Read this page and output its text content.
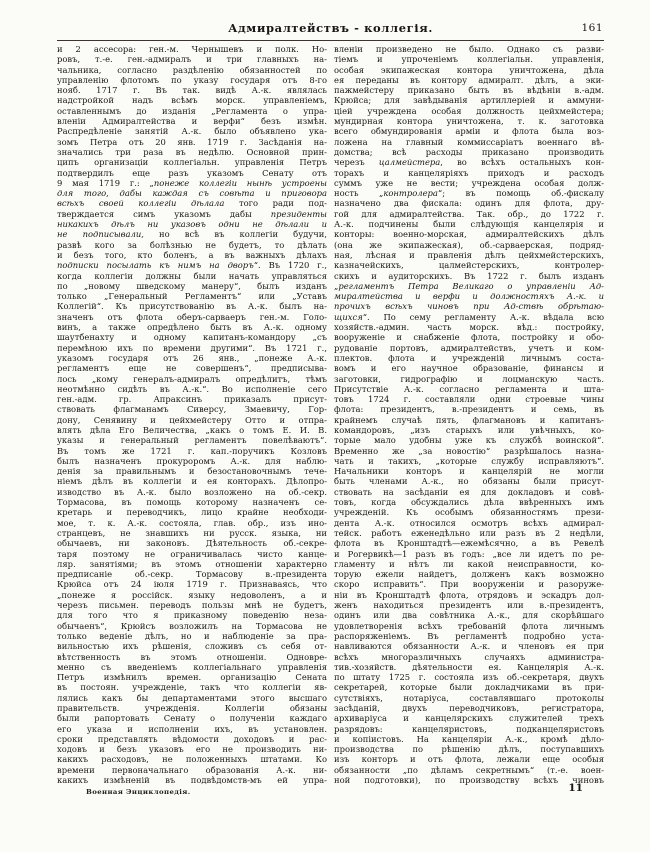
Адмиралтействъ - коллегія.	161
и 2 ассесора: ген.-м. Чернышевъ и полк. Но-
ровъ, т.-е. ген.-адмиралъ и три главныхъ на-
чальника, согласно раздѣленію обязанностей по
управленію флотомъ по указу государя отъ 8-го
нояб. 1717 г. Въ так. видѣ А.-к. являлась
надстройкой надъ всѣмъ морск. управленіемъ,
оставленнымъ до изданія „Регламента о упра-
вленіи Адмиралтейства и верфи“ безъ измѣн.
Распредѣленіе занятій А.-к. было объявлено ука-
зомъ Петра отъ 20 янв. 1719 г. Засѣданія на-
значались три раза въ недѣлю. Основной прин-
ципъ организаціи коллегіальн. управленія Петръ
подтвердилъ еще разъ указомъ Сенату отъ
9 мая 1719 г.: „понеже коллегіи нынѣ устроены
для того, дабы каждая съ совѣта и приговора
всѣхъ своей коллегіи дѣлала того ради под-
тверждается симъ указомъ дабы президенты
никакихъ дѣлъ ни указовъ одни не дѣлали и
не подписывали, но всѣ въ коллегіи будучи,
развѣ кого за болѣзнью не будетъ, то дѣлать
и безъ того, кто боленъ, а въ важныхъ дѣлахъ
подписки посылать къ нимъ на дворъ“. Въ 1720 г.,
когда коллегіи должны были начать управляться
по „новому шведскому манеру“, былъ изданъ
только „Генеральный Регламентъ“ или „Уставъ
Коллегій“. Къ присутствованію въ А.-к. былъ на-
значенъ отъ флота оберъ-сарваеръ ген.-м. Голо-
винъ, а также опредѣлено быть въ А.-к. одному
шаутбенахту и одному капитанъ-командору „съ
перемѣною ихъ по времени другими“. Въ 1721 г.,
указомъ государя отъ 26 янв., „понеже А.-к.
регламентъ еще не совершенъ“, предписыва-
лось „кому генералъ-адмиралъ опредѣлитъ, тѣмъ
неотмѣнно сидѣть въ А.-к.“. Во исполненіе сего
ген.-адм. гр. Апраксинъ приказалъ присут-
ствовать флагманамъ Сиверсу, Змаевичу, Гор-
дону, Сенявину и цейхмейстеру Отто и отпра-
влять дѣла Его Величества, „какъ о томъ Е. И. В.
указы и генеральный регламентъ повелѣваютъ“.
Въ томъ же 1721 г. кап.-поручикъ Козловъ
былъ назначенъ прокуроромъ А.-к. для наблю-
денія за правильнымъ и безостановочнымъ тече-
ніемъ дѣлъ въ коллегіи и ея конторахъ. Дѣлопро-
изводство въ А.-к. было возложено на об.-секр.
Тормасова, въ помощь которому назначенъ се-
кретарь и переводчикъ, лицо крайне необходи-
мое, т. к. А.-к. состояла, глав. обр., изъ ино-
странцевъ, не знавшихъ ни русск. языка, ни
обычаевъ, ни законовъ. Дѣятельность об.-секре-
таря поэтому не ограничивалась чисто канце-
ляр. занятіями; въ этомъ отношеніи характерно
предписаніе об.-секр. Тормасову в.-президента
Крюйса отъ 24 іюля 1719 г. Признаваясь, что
„понеже я россійск. языку недоволенъ, а и
черезъ письмен. переводъ пользы мнѣ не будетъ,
для того что я приказному поведенію неза-
обычаенъ“, Крюйсъ возложилъ на Тормасова не
только веденіе дѣлъ, но и наблюденіе за пра-
вильностью ихъ рѣшенія, сложивъ съ себя от-
вѣтственность въ этомъ отношеніи. Одновре-
менно съ введеніемъ коллегіальнаго управленія
Петръ измѣнилъ времен. организацію Сената
въ постоян. учрежденіе, такъ что коллегіи яв-
лялись какъ бы департаментами этого высшаго
правительств. учрежденія. Коллегіи обязаны
были рапортовать Сенату о полученіи каждаго
его указа и исполненіи ихъ, въ установлен.
сроки представлять вѣдомости доходовъ и рас-
ходовъ и безъ указовъ его не производить ни-
какихъ расходовъ, не положенныхъ штатами. Ко
времени первоначальнаго образованія А.-к. ни-
какихъ измѣненій въ подвѣдомств-мъ ей упра-
вленіи произведено не было. Однако съ разви-
тіемъ и упроченіемъ коллегіальн. управленія,
особая экипажеская контора уничтожена, дѣла
ея переданы въ контору адмиралт. дѣлъ, а эки-
пажмейстеру приказано быть въ вѣдѣніи в.-адм.
Крюйса; для завѣдыванія артиллеріей и аммуни-
ціей учреждена особая должность цейхмейстера;
мундирная контора уничтожена, т. к. заготовка
всего обмундированія арміи и флота была воз-
ложена на главный коммиссаріатъ военнаго вѣ-
домства; всѣ расходы приказано производить
черезъ цалмейстера, во всѣхъ остальныхъ кон-
торахъ и канцеляріяхъ приходъ и расходъ
суммъ уже не вести; учреждена особая долж-
ность „контролера“; въ помощь об.-фискалу
назначено два фискала: одинъ для флота, дру-
гой для адмиралтейства. Так. обр., до 1722 г.
А.-к. подчинены были слѣдующія канцелярія и
конторы: военно-морская, адмиралтейскихъ дѣлъ
(она же экипажеская), об.-сарваерская, подряд-
ная, лѣсная и правленія дѣлъ цейхмейстерскихъ,
казначейскихъ, цалмейстерскихъ, контролер-
скихъ и аудиторскихъ. Въ 1722 г. былъ изданъ
„регламентъ Петра Великаго о управленіи Ад-
миралтейства и верфи и должностяхъ А.-к. и
прочихъ всѣхъ чиновъ при Ад-ствѣ обрѣтаю-
щихся“. По сему регламенту А.-к. вѣдала всю
хозяйств.-админ. часть морск. вѣд.: постройку,
вооруженіе и снабженіе флота, постройку и обо-
рудованіе портовъ, адмиралтействъ, учетъ и ком-
плектов. флота и учрежденій личнымъ соста-
вомъ и его научное образованіе, финансы и
заготовки, гидрографію и лоцманскую часть.
Присутствіе А.-к. согласно регламента и шта-
товъ 1724 г. составляли одни строевые чины
флота: президентъ, в.-президентъ и семь, въ
крайнемъ случаѣ пять, флагмановъ и капитанъ-
командоровъ, „изъ старыхъ или увѣчныхъ, ко-
торые мало удобны уже къ службѣ воинской“.
Временно же „за новостію“ разрѣшалось назна-
чать и такихъ, „которые службу исправляютъ“.
Начальники конторъ и канцелярій не могли
быть членами А.-к., но обязаны были присут-
ствовать на засѣданіи ея для докладовъ и совѣ-
товъ, когда обсуждались дѣла ввѣренныхъ имъ
учрежденій. Къ особымъ обязанностямъ прези-
дента А.-к. относился осмотръ всѣхъ адмирал-
тейск. работъ еженедѣльно или разъ въ 2 недѣли,
флота въ Кронштадтѣ—ежемѣсячно, а въ Ревелѣ
и Рогервикѣ—1 разъ въ годъ: „все ли идетъ по ре-
гламенту и нѣтъ ли какой неисправности, ко-
торую ежели найдетъ, долженъ какъ возможно
скоро исправить“. При вооруженіи и разоруже-
ніи въ Кронштадтѣ флота, отрядовъ и эскадръ дол-
женъ находиться президентъ или в.-президентъ,
одинъ или два совѣтника А.-к., для скорѣйшаго
удовлетворенія всѣхъ требованій флота личнымъ
распоряженіемъ. Въ регламентѣ подробно уста-
навливаются обязанности А.-к. и членовъ ея при
всѣхъ многоразличныхъ случаяхъ администра-
тив.-хозяйств. дѣятельности ея. Канцелярія А.-к.
по штату 1725 г. состояла изъ об.-секретаря, двухъ
секретарей, которые были докладчиками въ при-
сутствіяхъ, нотаріуса, составлявшаго протоколы
засѣданій, двухъ переводчиковъ, регистратора,
архиваріуса и канцелярскихъ служителей трехъ
разрядовъ: канцеляристовъ, подканцеляристовъ
и копіистовъ. На канцеляріи А.-к., кромѣ дѣло-
производства по рѣшенію дѣлъ, поступавшихъ
изъ конторъ и отъ флота, лежали еще особыя
обязанности „по дѣламъ секретнымъ“ (т.-е. воен-
ной подготовки), по производству всѣхъ чиновъ
Военная Энциклопедія.	11
